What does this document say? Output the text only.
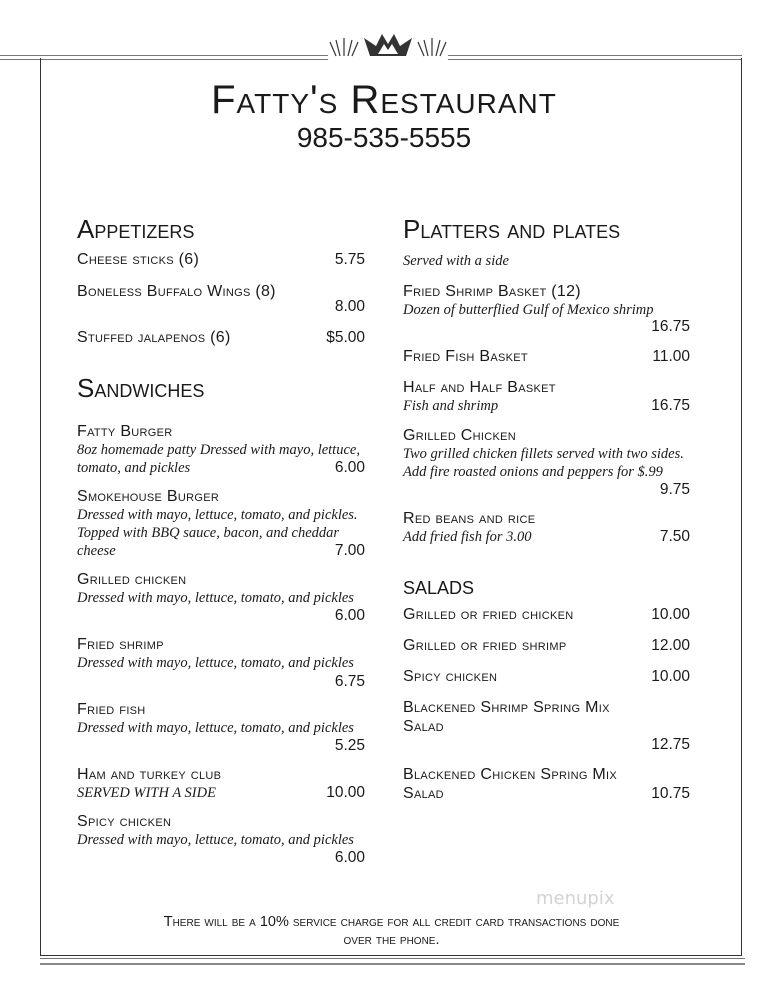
Fatty's Restaurant
985-535-5555
Appetizers
Sandwiches
Platters and plates
Served with a side
salads
Cheese sticks (6)	5.75
Boneless Buffalo Wings (8)
8.00
Stuffed jalapenos (6)	$5.00
Fatty Burger
8oz homemade patty Dressed with mayo, lettuce,
tomato, and pickles	6.00
Smokehouse Burger
Dressed with mayo, lettuce, tomato, and pickles.
Topped with BBQ sauce, bacon, and cheddar
cheese	7.00
Grilled chicken
Dressed with mayo, lettuce, tomato, and pickles
6.00
Fried shrimp
Dressed with mayo, lettuce, tomato, and pickles
6.75
Fried fish
Dressed with mayo, lettuce, tomato, and pickles
5.25
Ham and turkey club
SERVED WITH A SIDE	10.00
Spicy chicken
Dressed with mayo, lettuce, tomato, and pickles
6.00
Fried Shrimp Basket (12)
Dozen of butterflied Gulf of Mexico shrimp
16.75
Fried Fish Basket	11.00
Half and Half Basket
Fish and shrimp	16.75
Grilled Chicken
Two grilled chicken fillets served with two sides.
Add fire roasted onions and peppers for $.99
9.75
Red beans and rice
Add fried fish for 3.00	7.50
Grilled or fried chicken	10.00
Grilled or fried shrimp	12.00
Spicy chicken	10.00
Blackened Shrimp Spring Mix
Salad
12.75
Blackened Chicken Spring Mix
Salad	10.75
menupix
There will be a 10% service charge for all credit card transactions done
over the phone.
